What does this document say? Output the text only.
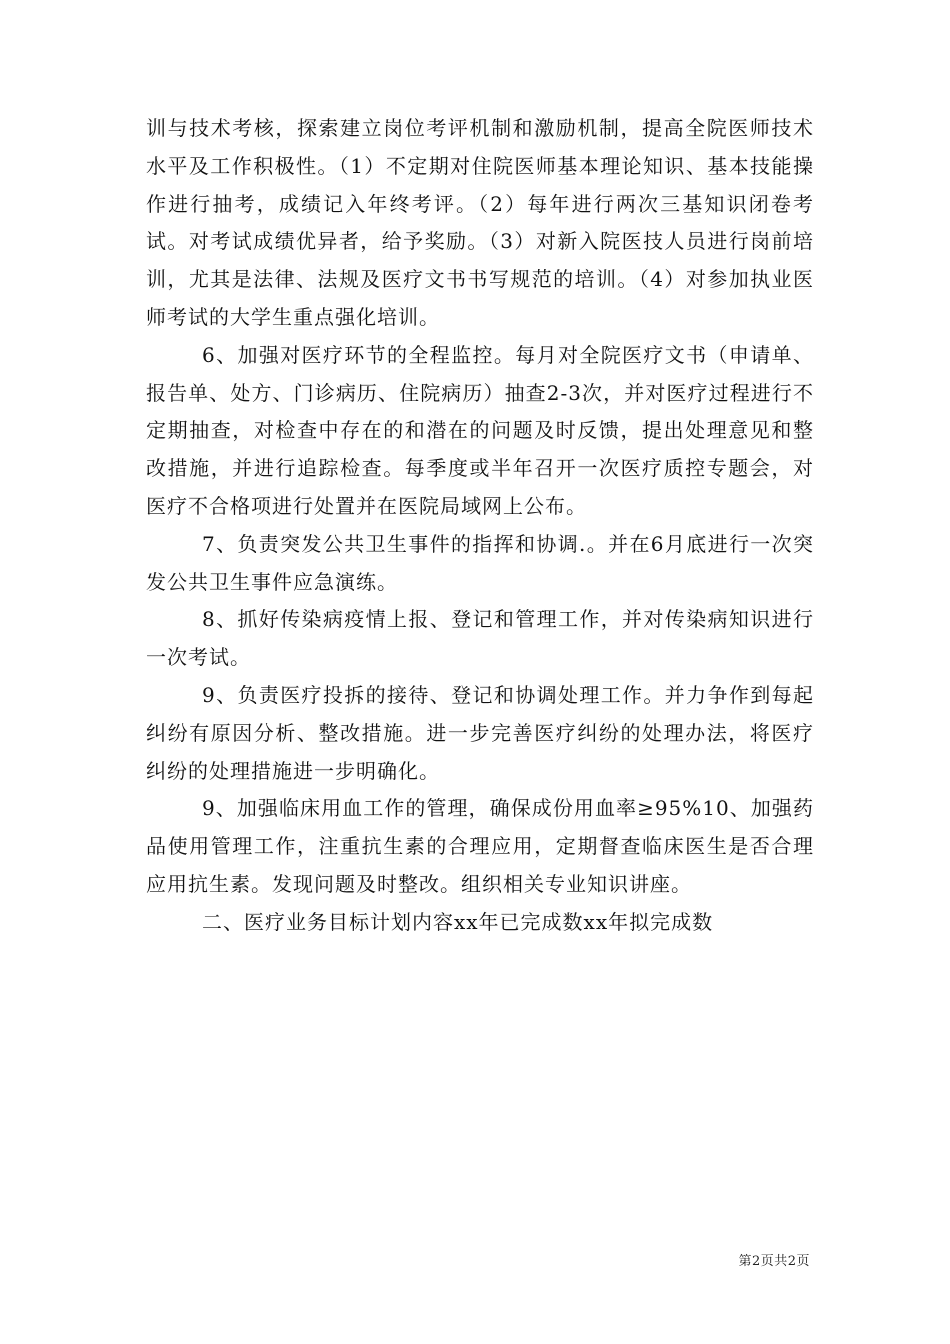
训与技术考核，探索建立岗位考评机制和激励机制，提高全院医师技术水平及工作积极性。（1）不定期对住院医师基本理论知识、基本技能操作进行抽考，成绩记入年终考评。（2）每年进行两次三基知识闭卷考试。对考试成绩优异者，给予奖励。（3）对新入院医技人员进行岗前培训，尤其是法律、法规及医疗文书书写规范的培训。（4）对参加执业医师考试的大学生重点强化培训。

6、加强对医疗环节的全程监控。每月对全院医疗文书（申请单、报告单、处方、门诊病历、住院病历）抽查2-3次，并对医疗过程进行不定期抽查，对检查中存在的和潜在的问题及时反馈，提出处理意见和整改措施，并进行追踪检查。每季度或半年召开一次医疗质控专题会，对医疗不合格项进行处置并在医院局域网上公布。

7、负责突发公共卫生事件的指挥和协调.。并在6月底进行一次突发公共卫生事件应急演练。

8、抓好传染病疫情上报、登记和管理工作，并对传染病知识进行一次考试。

9、负责医疗投拆的接待、登记和协调处理工作。并力争作到每起纠纷有原因分析、整改措施。进一步完善医疗纠纷的处理办法，将医疗纠纷的处理措施进一步明确化。

9、加强临床用血工作的管理，确保成份用血率≥95%10、加强药品使用管理工作，注重抗生素的合理应用，定期督查临床医生是否合理应用抗生素。发现问题及时整改。组织相关专业知识讲座。

二、医疗业务目标计划内容xx年已完成数xx年拟完成数

第2页共2页
